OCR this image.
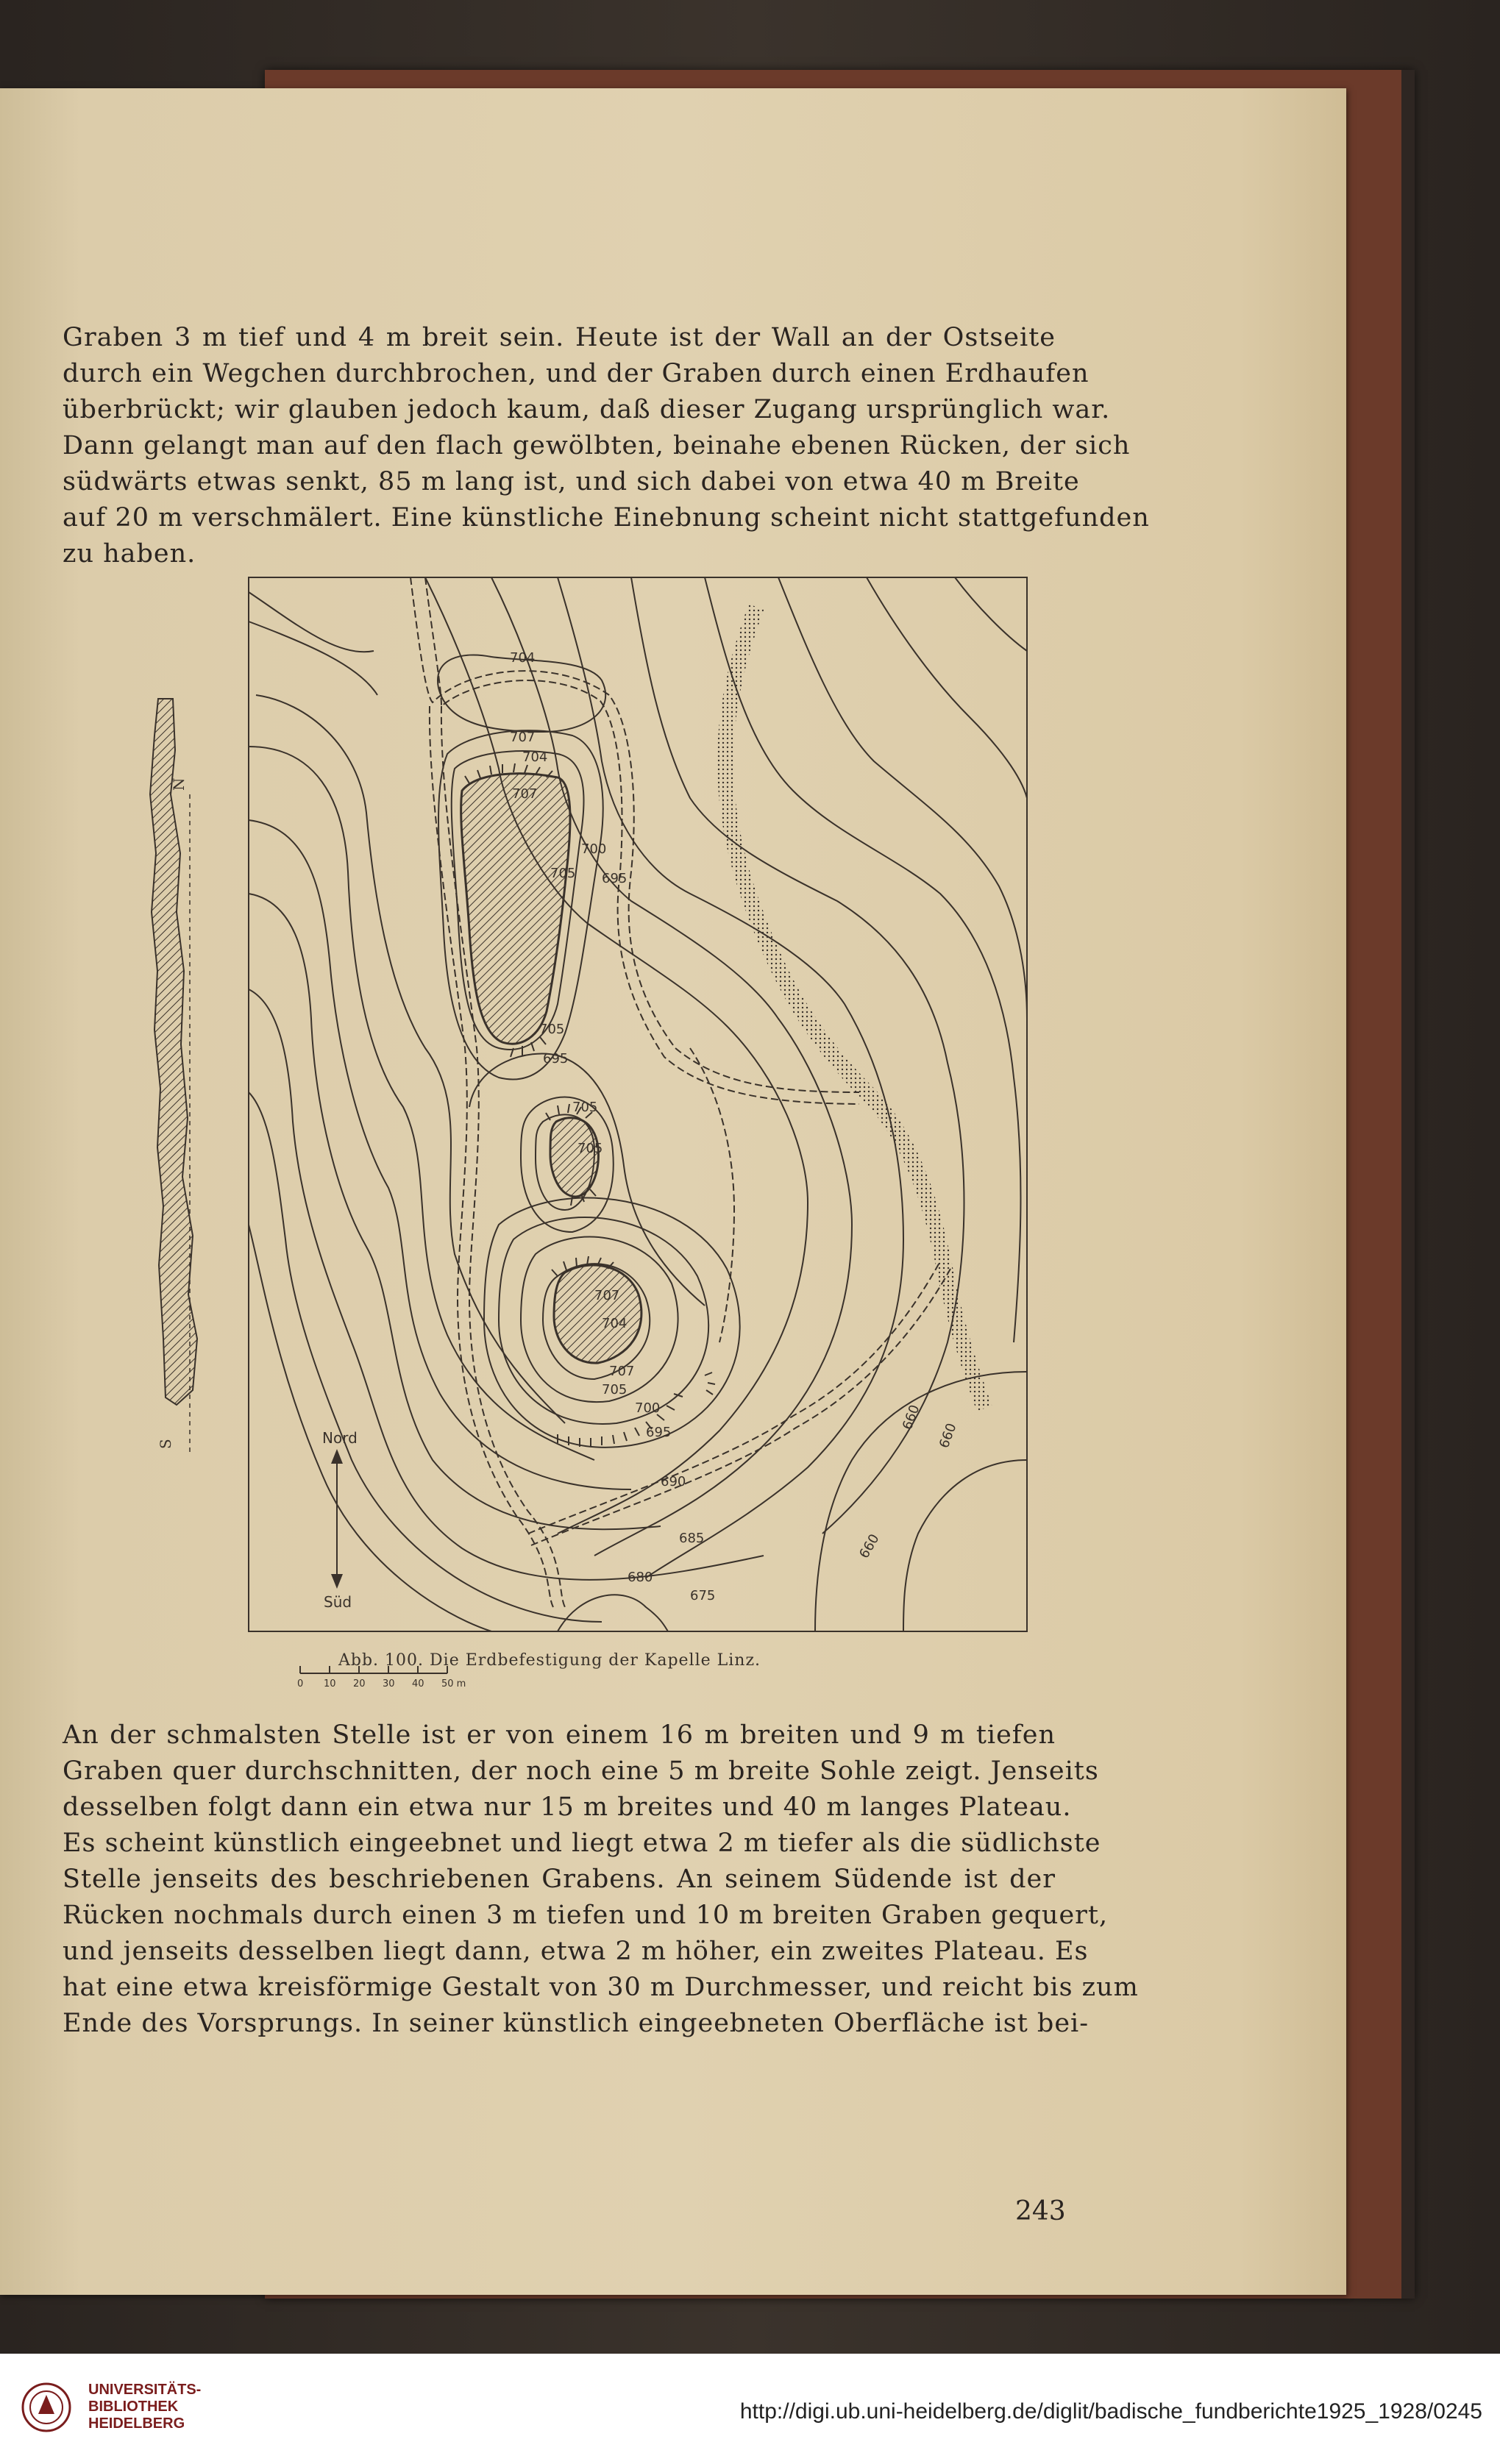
Graben 3 m tief und 4 m breit sein. Heute ist der Wall an der Ostseite
durch ein Wegchen durchbrochen, und der Graben durch einen Erdhaufen
überbrückt; wir glauben jedoch kaum, daß dieser Zugang ursprünglich war.
Dann gelangt man auf den flach gewölbten, beinahe ebenen Rücken, der sich
südwärts etwas senkt, 85 m lang ist, und sich dabei von etwa 40 m Breite
auf 20 m verschmälert. Eine künstliche Einebnung scheint nicht stattgefunden
zu haben.
N
S
704
707
704
707
700
695
705
705
695
705
705
707
704
707
705
700
695
690
685
680
675
660
660
660
Nord
Süd
0 10 20 30 40 50 m
Abb. 100. Die Erdbefestigung der Kapelle Linz.
An der schmalsten Stelle ist er von einem 16 m breiten und 9 m tiefen
Graben quer durchschnitten, der noch eine 5 m breite Sohle zeigt. Jenseits
desselben folgt dann ein etwa nur 15 m breites und 40 m langes Plateau.
Es scheint künstlich eingeebnet und liegt etwa 2 m tiefer als die südlichste
Stelle jenseits des beschriebenen Grabens. An seinem Südende ist der
Rücken nochmals durch einen 3 m tiefen und 10 m breiten Graben gequert,
und jenseits desselben liegt dann, etwa 2 m höher, ein zweites Plateau. Es
hat eine etwa kreisförmige Gestalt von 30 m Durchmesser, und reicht bis zum
Ende des Vorsprungs. In seiner künstlich eingeebneten Oberfläche ist bei-
243
UNIVERSITÄTS-
BIBLIOTHEK
HEIDELBERG	http://digi.ub.uni-heidelberg.de/diglit/badische_fundberichte1925_1928/0245
